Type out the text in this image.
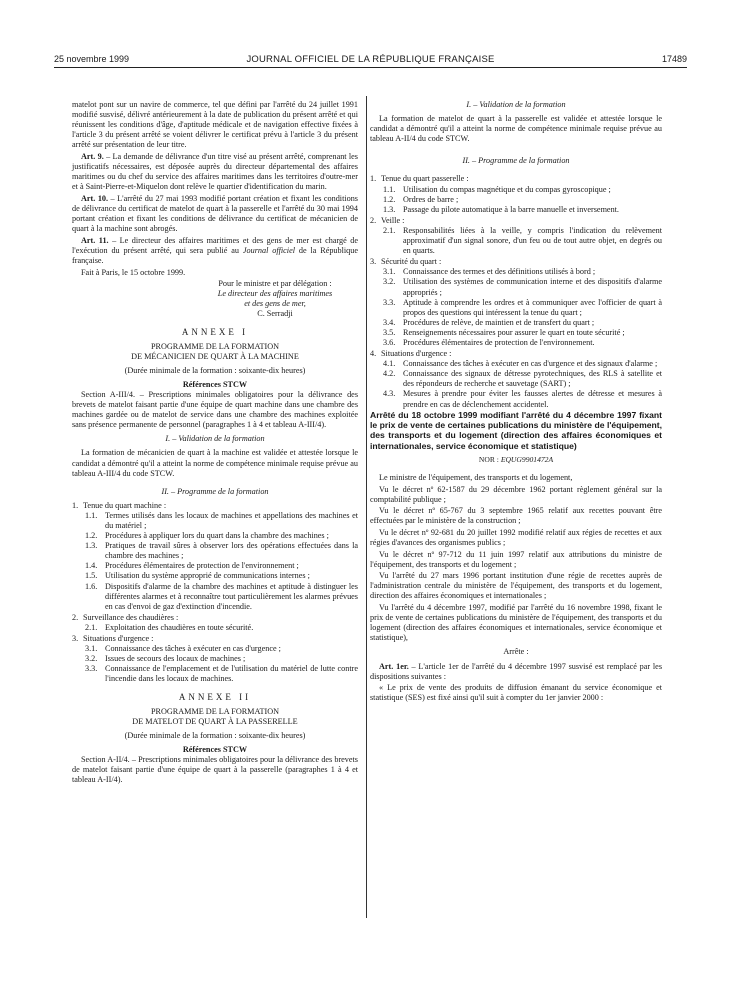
25 novembre 1999	JOURNAL OFFICIEL DE LA RÉPUBLIQUE FRANÇAISE	17489

matelot pont sur un navire de commerce, tel que défini par l'arrêté du 24 juillet 1991 modifié susvisé, délivré antérieurement à la date de publication du présent arrêté et qui réunissent les conditions d'âge, d'aptitude médicale et de navigation effective fixées à l'article 3 du présent arrêté se voient délivrer le certificat prévu à l'article 3 du présent arrêté sur présentation de leur titre.

Art. 9. – La demande de délivrance d'un titre visé au présent arrêté, comprenant les justificatifs nécessaires, est déposée auprès du directeur départemental des affaires maritimes ou du chef du service des affaires maritimes dans les territoires d'outre-mer et à Saint-Pierre-et-Miquelon dont relève le quartier d'identification du marin.

Art. 10. – L'arrêté du 27 mai 1993 modifié portant création et fixant les conditions de délivrance du certificat de matelot de quart à la passerelle et l'arrêté du 30 mai 1994 portant création et fixant les conditions de délivrance du certificat de mécanicien de quart à la machine sont abrogés.

Art. 11. – Le directeur des affaires maritimes et des gens de mer est chargé de l'exécution du présent arrêté, qui sera publié au Journal officiel de la République française.

Fait à Paris, le 15 octobre 1999.

Pour le ministre et par délégation :
Le directeur des affaires maritimes
et des gens de mer,
C. Serradji

ANNEXE I

PROGRAMME DE LA FORMATION

DE MÉCANICIEN DE QUART À LA MACHINE

(Durée minimale de la formation : soixante-dix heures)

Références STCW

Section A-III/4. – Prescriptions minimales obligatoires pour la délivrance des brevets de matelot faisant partie d'une équipe de quart machine dans une chambre des machines gardée ou de matelot de service dans une chambre des machines exploitée sans présence permanente de personnel (paragraphes 1 à 4 et tableau A-III/4).

I. – Validation de la formation

La formation de mécanicien de quart à la machine est validée et attestée lorsque le candidat a démontré qu'il a atteint la norme de compétence minimale requise prévue au tableau A-III/4 du code STCW.

II. – Programme de la formation

1. Tenue du quart machine :
1.1. Termes utilisés dans les locaux de machines et appellations des machines et du matériel ;
1.2. Procédures à appliquer lors du quart dans la chambre des machines ;
1.3. Pratiques de travail sûres à observer lors des opérations effectuées dans la chambre des machines ;
1.4. Procédures élémentaires de protection de l'environnement ;
1.5. Utilisation du système approprié de communications internes ;
1.6. Dispositifs d'alarme de la chambre des machines et aptitude à distinguer les différentes alarmes et à reconnaître tout particulièrement les alarmes prévues en cas d'envoi de gaz d'extinction d'incendie.
2. Surveillance des chaudières :
2.1. Exploitation des chaudières en toute sécurité.
3. Situations d'urgence :
3.1. Connaissance des tâches à exécuter en cas d'urgence ;
3.2. Issues de secours des locaux de machines ;
3.3. Connaissance de l'emplacement et de l'utilisation du matériel de lutte contre l'incendie dans les locaux de machines.

ANNEXE II

PROGRAMME DE LA FORMATION

DE MATELOT DE QUART À LA PASSERELLE

(Durée minimale de la formation : soixante-dix heures)

Références STCW

Section A-II/4. – Prescriptions minimales obligatoires pour la délivrance des brevets de matelot faisant partie d'une équipe de quart à la passerelle (paragraphes 1 à 4 et tableau A-II/4).

I. – Validation de la formation

La formation de matelot de quart à la passerelle est validée et attestée lorsque le candidat a démontré qu'il a atteint la norme de compétence minimale requise prévue au tableau A-II/4 du code STCW.

II. – Programme de la formation

1. Tenue du quart passerelle :
1.1. Utilisation du compas magnétique et du compas gyroscopique ;
1.2. Ordres de barre ;
1.3. Passage du pilote automatique à la barre manuelle et inversement.
2. Veille :
2.1. Responsabilités liées à la veille, y compris l'indication du relèvement approximatif d'un signal sonore, d'un feu ou de tout autre objet, en degrés ou en quarts.
3. Sécurité du quart :
3.1. Connaissance des termes et des définitions utilisés à bord ;
3.2. Utilisation des systèmes de communication interne et des dispositifs d'alarme appropriés ;
3.3. Aptitude à comprendre les ordres et à communiquer avec l'officier de quart à propos des questions qui intéressent la tenue du quart ;
3.4. Procédures de relève, de maintien et de transfert du quart ;
3.5. Renseignements nécessaires pour assurer le quart en toute sécurité ;
3.6. Procédures élémentaires de protection de l'environnement.
4. Situations d'urgence :
4.1. Connaissance des tâches à exécuter en cas d'urgence et des signaux d'alarme ;
4.2. Connaissance des signaux de détresse pyrotechniques, des RLS à satellite et des répondeurs de recherche et sauvetage (SART) ;
4.3. Mesures à prendre pour éviter les fausses alertes de détresse et mesures à prendre en cas de déclenchement accidentel.

Arrêté du 18 octobre 1999 modifiant l'arrêté du 4 décembre 1997 fixant le prix de vente de certaines publications du ministère de l'équipement, des transports et du logement (direction des affaires économiques et internationales, service économique et statistique)

NOR : EQUG9901472A

Le ministre de l'équipement, des transports et du logement,

Vu le décret nº 62-1587 du 29 décembre 1962 portant règlement général sur la comptabilité publique ;

Vu le décret nº 65-767 du 3 septembre 1965 relatif aux recettes pouvant être effectuées par le ministère de la construction ;

Vu le décret nº 92-681 du 20 juillet 1992 modifié relatif aux régies de recettes et aux régies d'avances des organismes publics ;

Vu le décret nº 97-712 du 11 juin 1997 relatif aux attributions du ministre de l'équipement, des transports et du logement ;

Vu l'arrêté du 27 mars 1996 portant institution d'une régie de recettes auprès de l'administration centrale du ministère de l'équipement, des transports et du logement, direction des affaires économiques et internationales ;

Vu l'arrêté du 4 décembre 1997, modifié par l'arrêté du 16 novembre 1998, fixant le prix de vente de certaines publications du ministère de l'équipement, des transports et du logement (direction des affaires économiques et internationales, service économique et statistique),

Arrête :

Art. 1er. – L'article 1er de l'arrêté du 4 décembre 1997 susvisé est remplacé par les dispositions suivantes :

« Le prix de vente des produits de diffusion émanant du service économique et statistique (SES) est fixé ainsi qu'il suit à compter du 1er janvier 2000 :
